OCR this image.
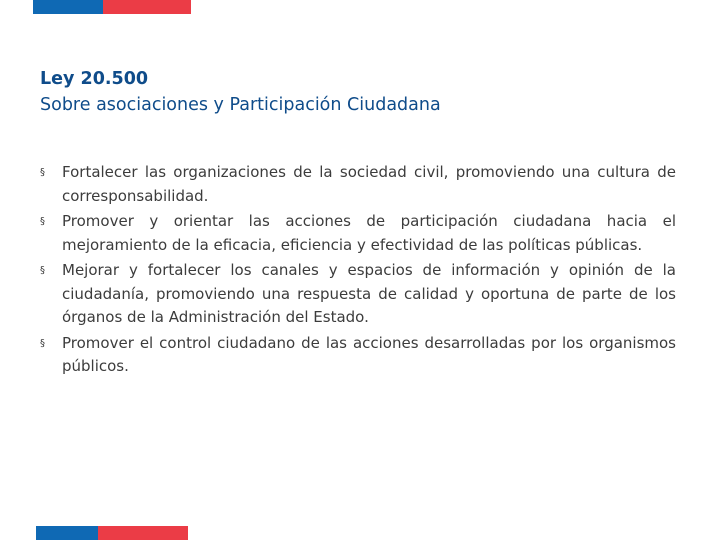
Ley 20.500
Sobre asociaciones y Participación Ciudadana
§ Fortalecer las organizaciones de la sociedad civil, promoviendo una cultura de corresponsabilidad.
§ Promover y orientar las acciones de participación ciudadana hacia el mejoramiento de la eficacia, eficiencia y efectividad de las políticas públicas.
§ Mejorar y fortalecer los canales y espacios de información y opinión de la ciudadanía, promoviendo una respuesta de calidad y oportuna de parte de los órganos de la Administración del Estado.
§ Promover el control ciudadano de las acciones desarrolladas por los organismos públicos.
